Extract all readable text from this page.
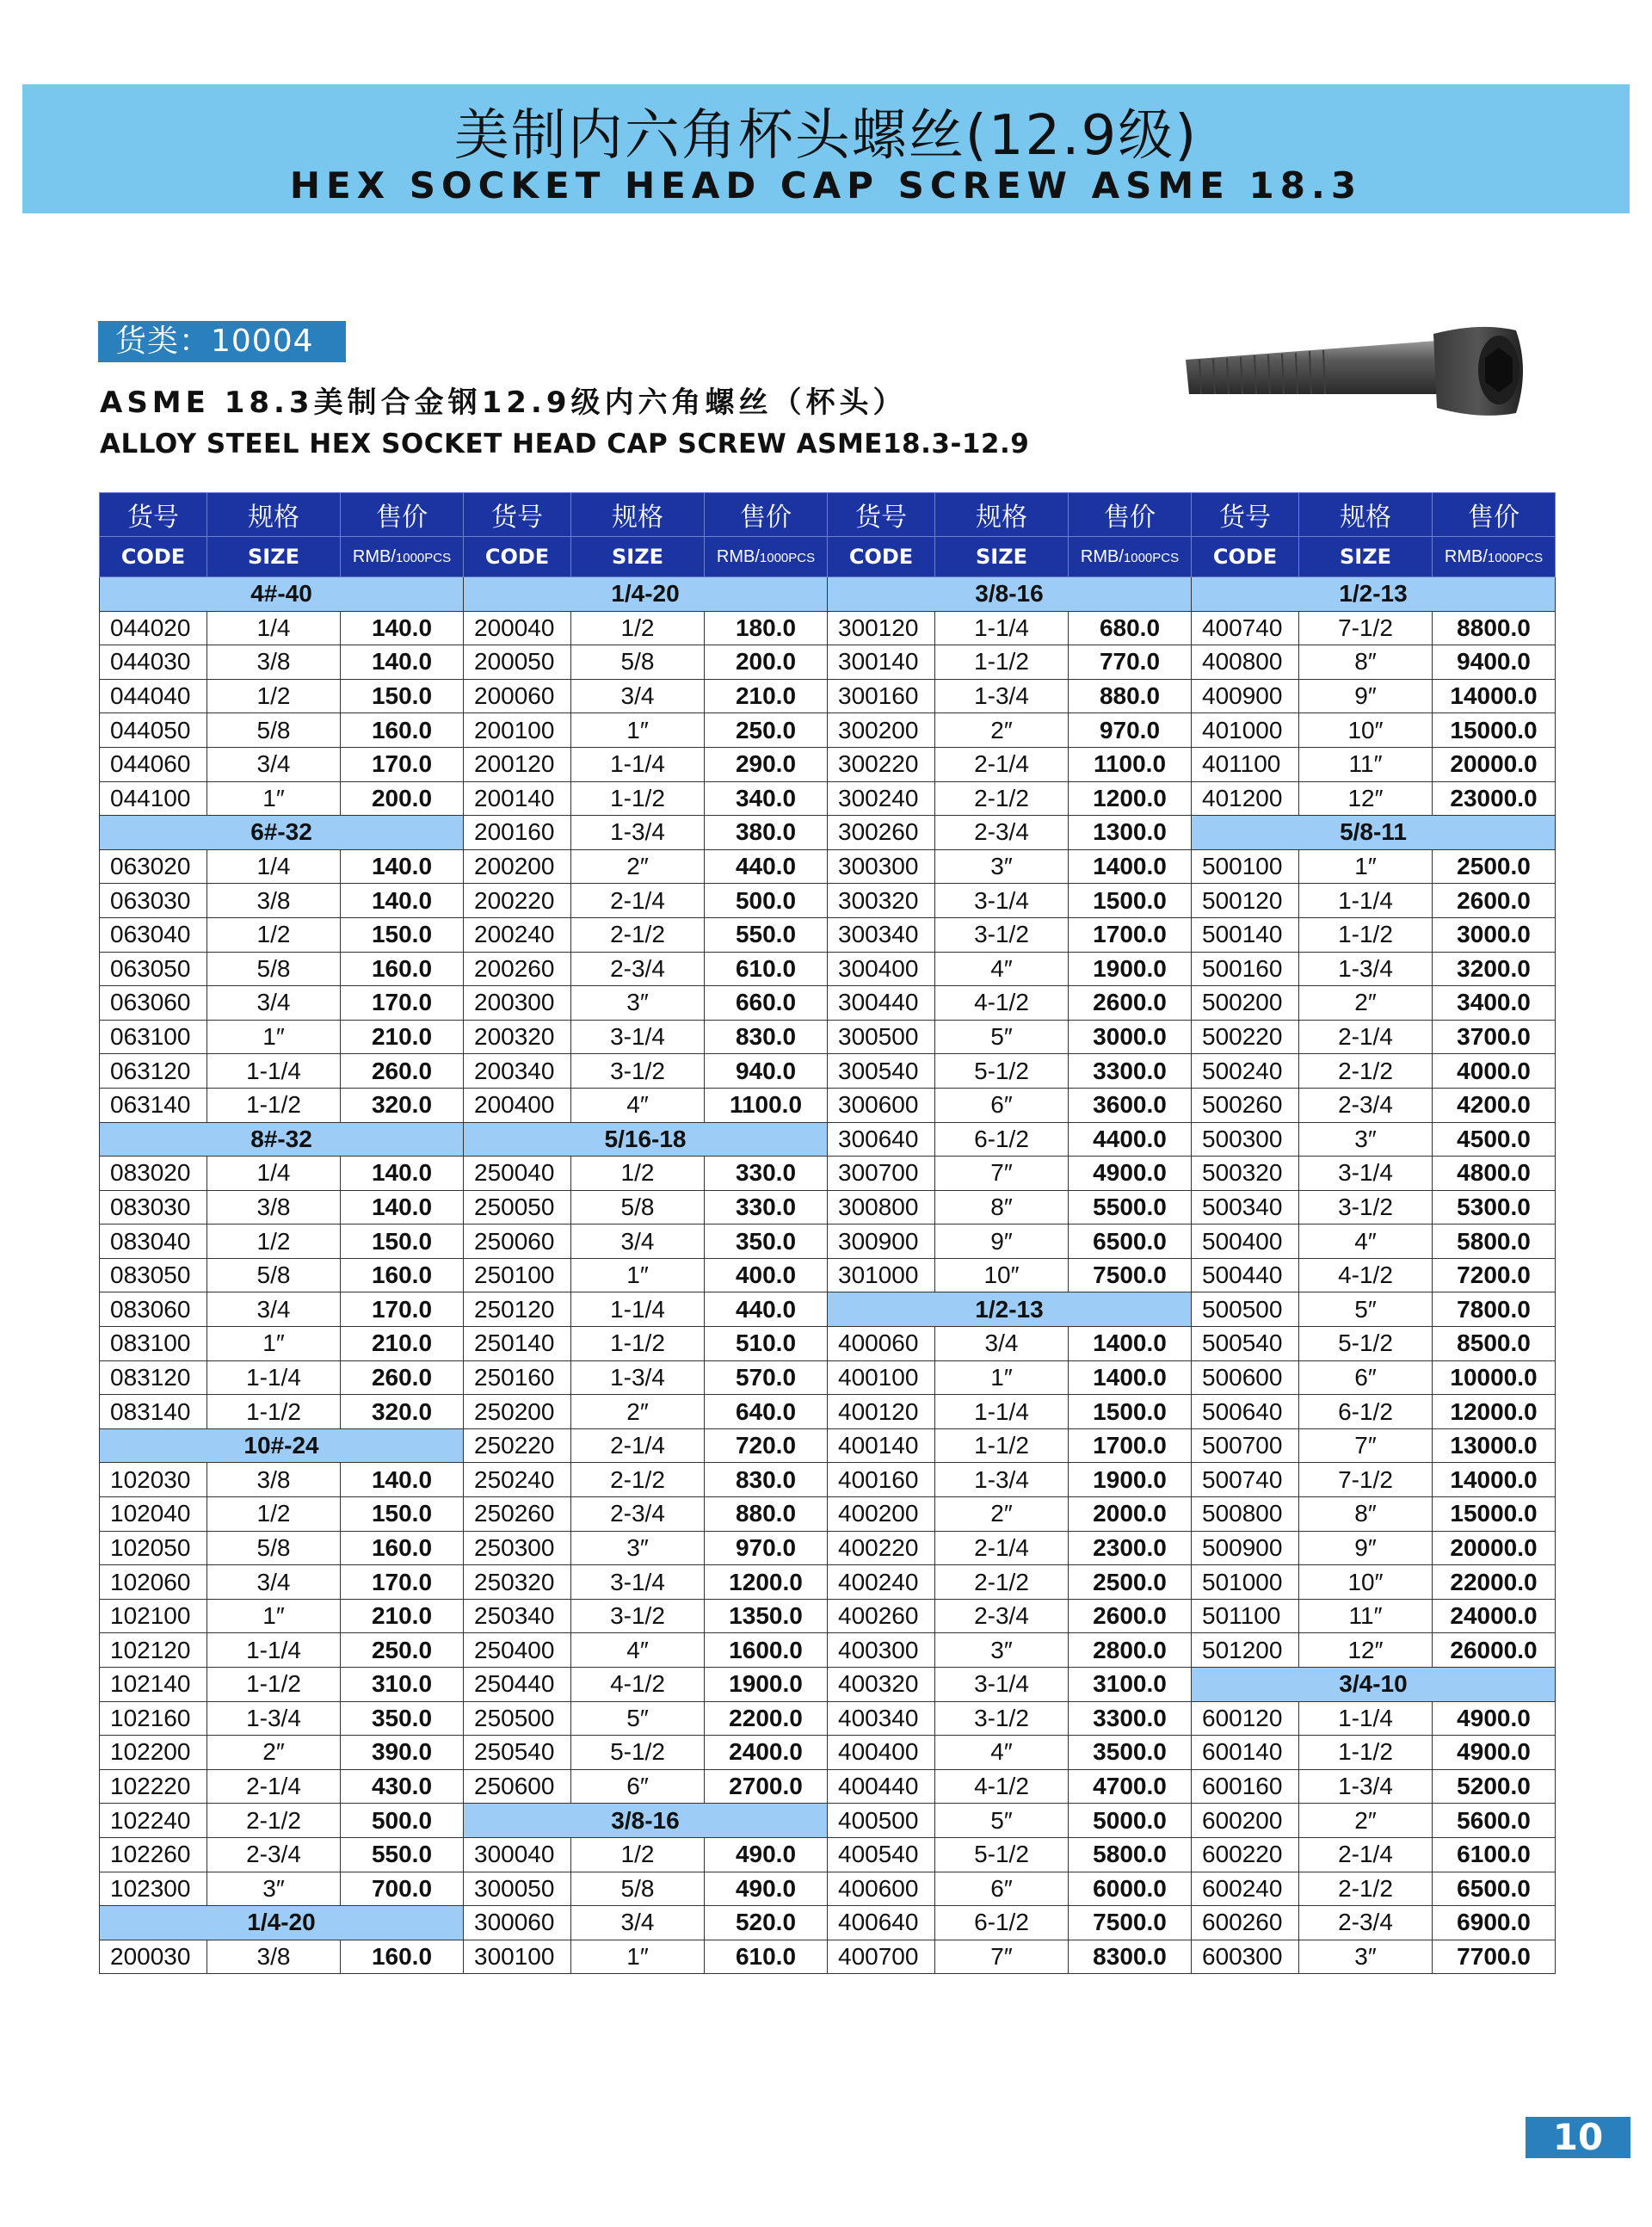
美制内六角杯头螺丝(12.9级)
HEX SOCKET HEAD CAP SCREW ASME 18.3
货类：10004
ASME 18.3美制合金钢12.9级内六角螺丝（杯头）
ALLOY STEEL HEX SOCKET HEAD CAP SCREW ASME18.3-12.9
货号	规格	售价	货号	规格	售价	货号	规格	售价	货号	规格	售价
CODE	SIZE	RMB/1000PCS	CODE	SIZE	RMB/1000PCS	CODE	SIZE	RMB/1000PCS	CODE	SIZE	RMB/1000PCS
4#-40			1/4-20			3/8-16			1/2-13		
044020	1/4	140.0	200040	1/2	180.0	300120	1-1/4	680.0	400740	7-1/2	8800.0
044030	3/8	140.0	200050	5/8	200.0	300140	1-1/2	770.0	400800	8″	9400.0
044040	1/2	150.0	200060	3/4	210.0	300160	1-3/4	880.0	400900	9″	14000.0
044050	5/8	160.0	200100	1″	250.0	300200	2″	970.0	401000	10″	15000.0
044060	3/4	170.0	200120	1-1/4	290.0	300220	2-1/4	1100.0	401100	11″	20000.0
044100	1″	200.0	200140	1-1/2	340.0	300240	2-1/2	1200.0	401200	12″	23000.0
6#-32			200160	1-3/4	380.0	300260	2-3/4	1300.0	5/8-11		
063020	1/4	140.0	200200	2″	440.0	300300	3″	1400.0	500100	1″	2500.0
063030	3/8	140.0	200220	2-1/4	500.0	300320	3-1/4	1500.0	500120	1-1/4	2600.0
063040	1/2	150.0	200240	2-1/2	550.0	300340	3-1/2	1700.0	500140	1-1/2	3000.0
063050	5/8	160.0	200260	2-3/4	610.0	300400	4″	1900.0	500160	1-3/4	3200.0
063060	3/4	170.0	200300	3″	660.0	300440	4-1/2	2600.0	500200	2″	3400.0
063100	1″	210.0	200320	3-1/4	830.0	300500	5″	3000.0	500220	2-1/4	3700.0
063120	1-1/4	260.0	200340	3-1/2	940.0	300540	5-1/2	3300.0	500240	2-1/2	4000.0
063140	1-1/2	320.0	200400	4″	1100.0	300600	6″	3600.0	500260	2-3/4	4200.0
8#-32			5/16-18			300640	6-1/2	4400.0	500300	3″	4500.0
083020	1/4	140.0	250040	1/2	330.0	300700	7″	4900.0	500320	3-1/4	4800.0
083030	3/8	140.0	250050	5/8	330.0	300800	8″	5500.0	500340	3-1/2	5300.0
083040	1/2	150.0	250060	3/4	350.0	300900	9″	6500.0	500400	4″	5800.0
083050	5/8	160.0	250100	1″	400.0	301000	10″	7500.0	500440	4-1/2	7200.0
083060	3/4	170.0	250120	1-1/4	440.0	1/2-13			500500	5″	7800.0
083100	1″	210.0	250140	1-1/2	510.0	400060	3/4	1400.0	500540	5-1/2	8500.0
083120	1-1/4	260.0	250160	1-3/4	570.0	400100	1″	1400.0	500600	6″	10000.0
083140	1-1/2	320.0	250200	2″	640.0	400120	1-1/4	1500.0	500640	6-1/2	12000.0
10#-24			250220	2-1/4	720.0	400140	1-1/2	1700.0	500700	7″	13000.0
102030	3/8	140.0	250240	2-1/2	830.0	400160	1-3/4	1900.0	500740	7-1/2	14000.0
102040	1/2	150.0	250260	2-3/4	880.0	400200	2″	2000.0	500800	8″	15000.0
102050	5/8	160.0	250300	3″	970.0	400220	2-1/4	2300.0	500900	9″	20000.0
102060	3/4	170.0	250320	3-1/4	1200.0	400240	2-1/2	2500.0	501000	10″	22000.0
102100	1″	210.0	250340	3-1/2	1350.0	400260	2-3/4	2600.0	501100	11″	24000.0
102120	1-1/4	250.0	250400	4″	1600.0	400300	3″	2800.0	501200	12″	26000.0
102140	1-1/2	310.0	250440	4-1/2	1900.0	400320	3-1/4	3100.0	3/4-10		
102160	1-3/4	350.0	250500	5″	2200.0	400340	3-1/2	3300.0	600120	1-1/4	4900.0
102200	2″	390.0	250540	5-1/2	2400.0	400400	4″	3500.0	600140	1-1/2	4900.0
102220	2-1/4	430.0	250600	6″	2700.0	400440	4-1/2	4700.0	600160	1-3/4	5200.0
102240	2-1/2	500.0	3/8-16			400500	5″	5000.0	600200	2″	5600.0
102260	2-3/4	550.0	300040	1/2	490.0	400540	5-1/2	5800.0	600220	2-1/4	6100.0
102300	3″	700.0	300050	5/8	490.0	400600	6″	6000.0	600240	2-1/2	6500.0
1/4-20			300060	3/4	520.0	400640	6-1/2	7500.0	600260	2-3/4	6900.0
200030	3/8	160.0	300100	1″	610.0	400700	7″	8300.0	600300	3″	7700.0
10
